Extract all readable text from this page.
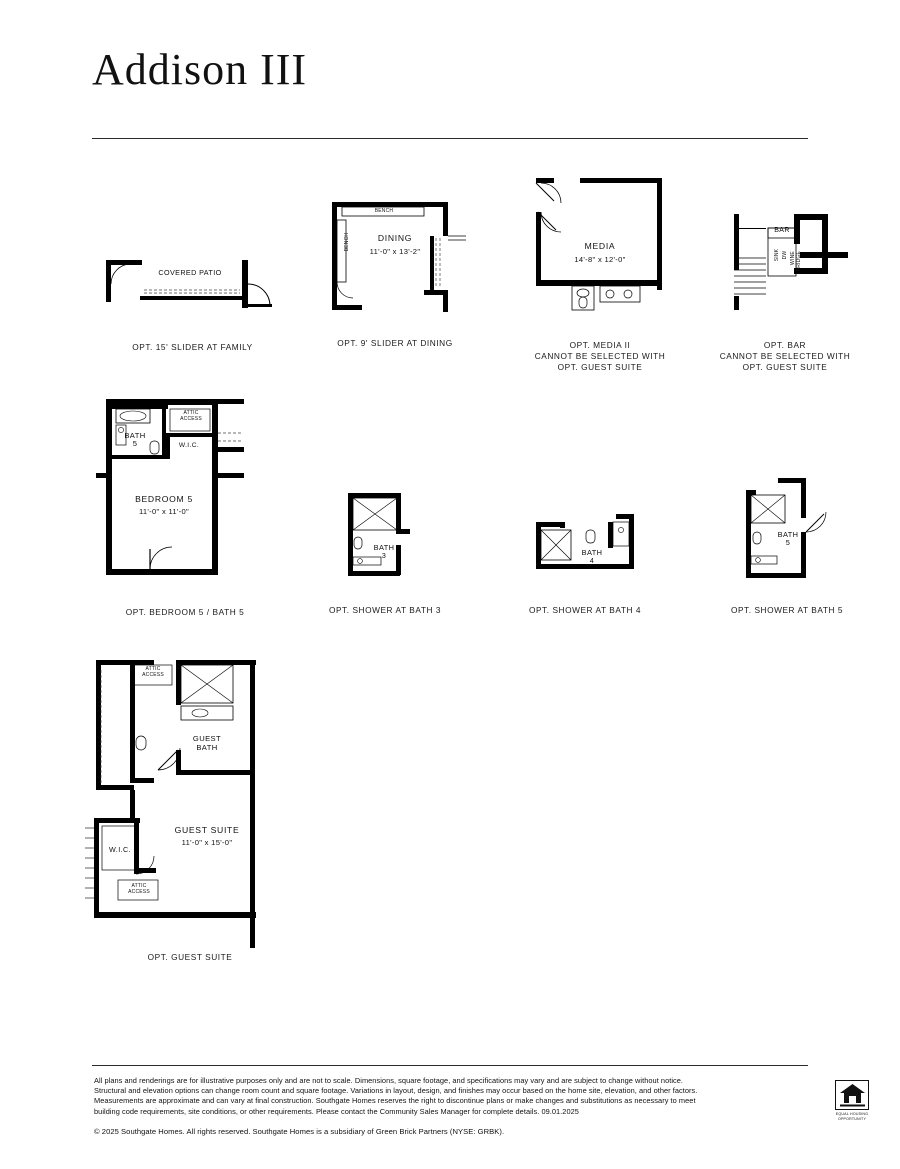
Addison III
COVERED PATIO
OPT. 15' SLIDER AT FAMILY
DINING
11'-0" x 13'-2"
BENCH
BENCH
OPT. 9' SLIDER AT DINING
MEDIA
14'-8" x 12'-0"
OPT. MEDIA II
CANNOT BE SELECTED WITH
OPT. GUEST SUITE
BAR
SINK DW WINE FRIDGE
OPT. BAR
CANNOT BE SELECTED WITH
OPT. GUEST SUITE
ATTIC
ACCESS
BATH
5	W.I.C.
BEDROOM 5
11'-0" x 11'-0"
OPT. BEDROOM 5 / BATH 5
BATH
3
OPT. SHOWER AT BATH 3
BATH
4
OPT. SHOWER AT BATH 4
BATH
5
OPT. SHOWER AT BATH 5
ATTIC
ACCESS
GUEST
BATH
GUEST SUITE
11'-0" x 15'-0"
W.I.C.
ATTIC
ACCESS
OPT. GUEST SUITE
All plans and renderings are for illustrative purposes only and are not to scale. Dimensions, square footage, and specifications may vary and are subject to change without notice.
Structural and elevation options can change room count and square footage. Variations in layout, design, and finishes may occur based on the home site, elevation, and other factors.
Measurements are approximate and can vary at final construction. Southgate Homes reserves the right to discontinue plans or make changes and substitutions as necessary to meet
building code requirements, site conditions, or other requirements. Please contact the Community Sales Manager for complete details. 09.01.2025
© 2025 Southgate Homes. All rights reserved. Southgate Homes is a subsidiary of Green Brick Partners (NYSE: GRBK).
EQUAL HOUSING
OPPORTUNITY
